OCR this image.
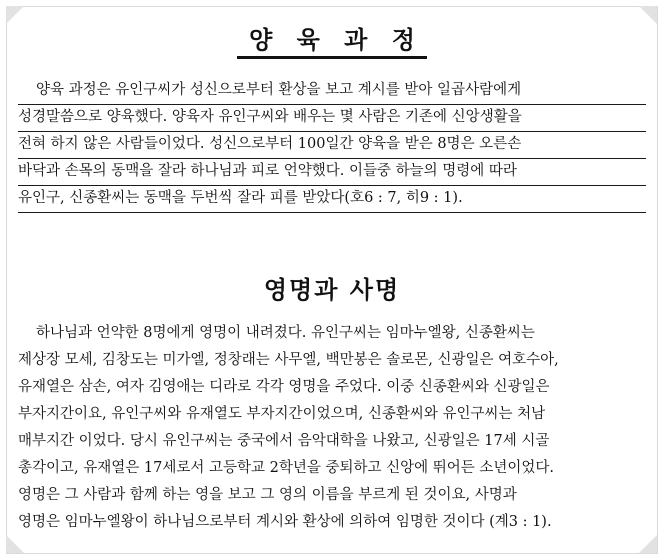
양 육 과 정
양육 과정은 유인구씨가 성신으로부터 환상을 보고 계시를 받아 일곱사람에게
성경말씀으로 양육했다. 양육자 유인구씨와 배우는 몇 사람은 기존에 신앙생활을
전혀 하지 않은 사람들이었다. 성신으로부터 100일간 양육을 받은 8명은 오른손
바닥과 손목의 동맥을 잘라 하나님과 피로 언약했다. 이들중 하늘의 명령에 따라
유인구, 신종환씨는 동맥을 두번씩 잘라 피를 받았다(호6 : 7, 히9 : 1).
영명과 사명
하나님과 언약한 8명에게 영명이 내려졌다. 유인구씨는 임마누엘왕, 신종환씨는
제상장 모세, 김창도는 미가엘, 정창래는 사무엘, 백만봉은 솔로몬, 신광일은 여호수아,
유재열은 삼손, 여자 김영애는 디라로 각각 영명을 주었다. 이중 신종환씨와 신광일은
부자지간이요, 유인구씨와 유재열도 부자지간이었으며, 신종환씨와 유인구씨는 처남
매부지간 이었다. 당시 유인구씨는 중국에서 음악대학을 나왔고, 신광일은 17세 시골
총각이고, 유재열은 17세로서 고등학교 2학년을 중퇴하고 신앙에 뛰어든 소년이었다.
영명은 그 사람과 함께 하는 영을 보고 그 영의 이름을 부르게 된 것이요, 사명과
영명은 임마누엘왕이 하나님으로부터 계시와 환상에 의하여 임명한 것이다 (계3 : 1).
